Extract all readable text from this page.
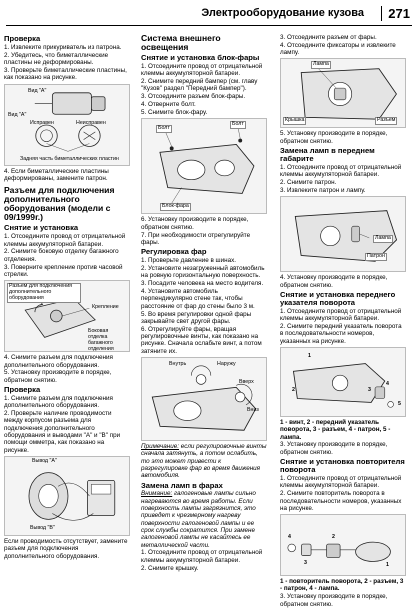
Электрооборудование кузова	271
Проверка

1. Извлеките прикуриватель из патрона.

2. Убедитесь, что биметаллические пластины не деформированы.

3. Проверьте биметаллические пластины, как показано на рисунке.

Вид "А"
Вид "А"
Исправен	Неисправен
Задняя часть биметаллических пластин

4. Если биметаллические пластины деформированы, замените патрон.

Разъем для подключения дополнительного оборудования (модели с 09/1999г.)
Снятие и установка

1. Отсоедините провод от отрицательной клеммы аккумуляторной батареи.

2. Снимите боковую отделку багажного отделения.

3. Поверните крепление против часовой стрелки.

Разъем для подключения дополнительного оборудования
Крепление
Боковая отделка багажного отделения

4. Снимите разъем для подключения дополнительного оборудования.

5. Установку производите в порядке, обратном снятию.

Проверка

1. Снимите разъем для подключения дополнительного оборудования.

2. Проверьте наличие проводимости между корпусом разъема для подключения дополнительного оборудования и выводами "А" и "В" при помощи омметра, как показано на рисунке.

Вывод "А"
Вывод "В"

Если проводимость отсутствует, замените разъем для подключения дополнительного оборудования.

Система внешнего освещения
Снятие и установка блок-фары

1. Отсоедините провод от отрицательной клеммы аккумуляторной батареи.

2. Снимите передний бампер (см. главу "Кузов" раздел "Передний бампер").

3. Отсоедините разъем блок-фары.

4. Отверните болт.

5. Снимите блок-фару.

Болт
Болт
Блок-фара

6. Установку производите в порядке, обратном снятию.

7. При необходимости отрегулируйте фары.

Регулировка фар

1. Проверьте давление в шинах.

2. Установите незагруженный автомобиль на ровную горизонтальную поверхность.

3. Посадите человека на место водителя.

4. Установите автомобиль перпендикулярно стене так, чтобы расстояние от фар до стены было 3 м.

5. Во время регулировки одной фары закрывайте свет другой фары.

6. Отрегулируйте фары, вращая регулировочные винты, как показано на рисунке. Сначала ослабьте винт, а потом затяните их.

Внутрь	Наружу
Вверх
Вниз

Примечание: если регулировочные винты сначала затянуть, а потом ослабить, то это может привести к разрегулировке фар во время движения автомобиля.

Замена ламп в фарах

Внимание: галогеновые лампы сильно нагреваются во время работы. Если поверхность лампы загрязнится, это приведет к чрезмерному нагреву поверхности галогеновой лампы и ее срок службы сократится. При замене галогеновой лампы не касайтесь ее металлической части.

1. Отсоедините провод от отрицательной клеммы аккумуляторной батареи.

2. Снимите крышку.

3. Отсоедините разъем от фары.

4. Отсоедините фиксаторы и извлеките лампу.

Лампа
Крышка	Разъем

5. Установку производите в порядке, обратном снятию.

Замена ламп в переднем габарите

1. Отсоедините провод от отрицательной клеммы аккумуляторной батареи.

2. Снимите патрон.

3. Извлеките патрон и лампу.

Лампа
Патрон

4. Установку производите в порядке, обратном снятию.

Снятие и установка переднего указателя поворота

1. Отсоедините провод от отрицательной клеммы аккумуляторной батареи.

2. Снимите передний указатель поворота в последовательности номеров, указанных на рисунке.

1
2	3
4
5

1 - винт, 2 - передний указатель поворота, 3 - разъем, 4 - патрон, 5 - лампа.

3. Установку производите в порядке, обратном снятию.

Снятие и установка повторителя поворота

1. Отсоедините провод от отрицательной клеммы аккумуляторной батареи.

2. Снимите повторитель поворота в последовательности номеров, указанных на рисунке.

1
2
3
4

1 - повторитель поворота, 2 - разъем, 3 - патрон, 4 - лампа.

3. Установку производите в порядке, обратном снятию.
